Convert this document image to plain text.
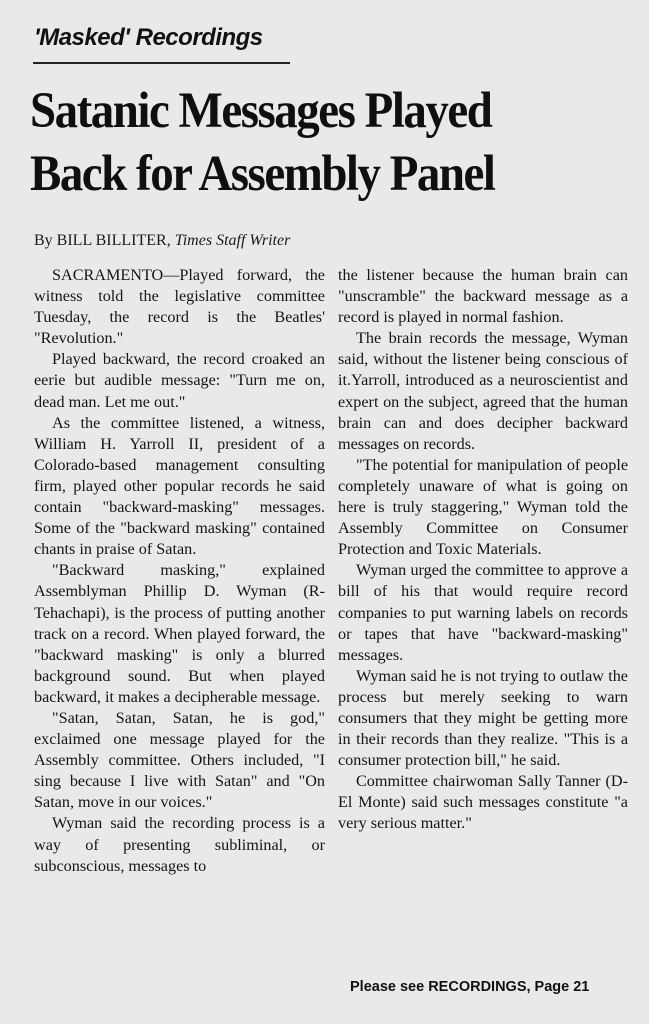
'Masked' Recordings
Satanic Messages Played
Back for Assembly Panel
By BILL BILLITER, Times Staff Writer

SACRAMENTO—Played forward, the witness told the legislative committee Tuesday, the record is the Beatles' "Revolution."

Played backward, the record croaked an eerie but audible message: "Turn me on, dead man. Let me out."

As the committee listened, a witness, William H. Yarroll II, president of a Colorado-based management consulting firm, played other popular records he said contain "backward-masking" messages. Some of the "backward masking" contained chants in praise of Satan.

"Backward masking," explained Assemblyman Phillip D. Wyman (R-Tehachapi), is the process of putting another track on a record. When played forward, the "backward masking" is only a blurred background sound. But when played backward, it makes a decipherable message.

"Satan, Satan, Satan, he is god," exclaimed one message played for the Assembly committee. Others included, "I sing because I live with Satan" and "On Satan, move in our voices."

Wyman said the recording process is a way of presenting subliminal, or subconscious, messages to

the listener because the human brain can "unscramble" the backward message as a record is played in normal fashion.

The brain records the message, Wyman said, without the listener being conscious of it.Yarroll, introduced as a neuroscientist and expert on the subject, agreed that the human brain can and does decipher backward messages on records.

"The potential for manipulation of people completely unaware of what is going on here is truly staggering," Wyman told the Assembly Committee on Consumer Protection and Toxic Materials.

Wyman urged the committee to approve a bill of his that would require record companies to put warning labels on records or tapes that have "backward-masking" messages.

Wyman said he is not trying to outlaw the process but merely seeking to warn consumers that they might be getting more in their records than they realize. "This is a consumer protection bill," he said.

Committee chairwoman Sally Tanner (D-El Monte) said such messages constitute "a very serious matter."

Please see RECORDINGS, Page 21
